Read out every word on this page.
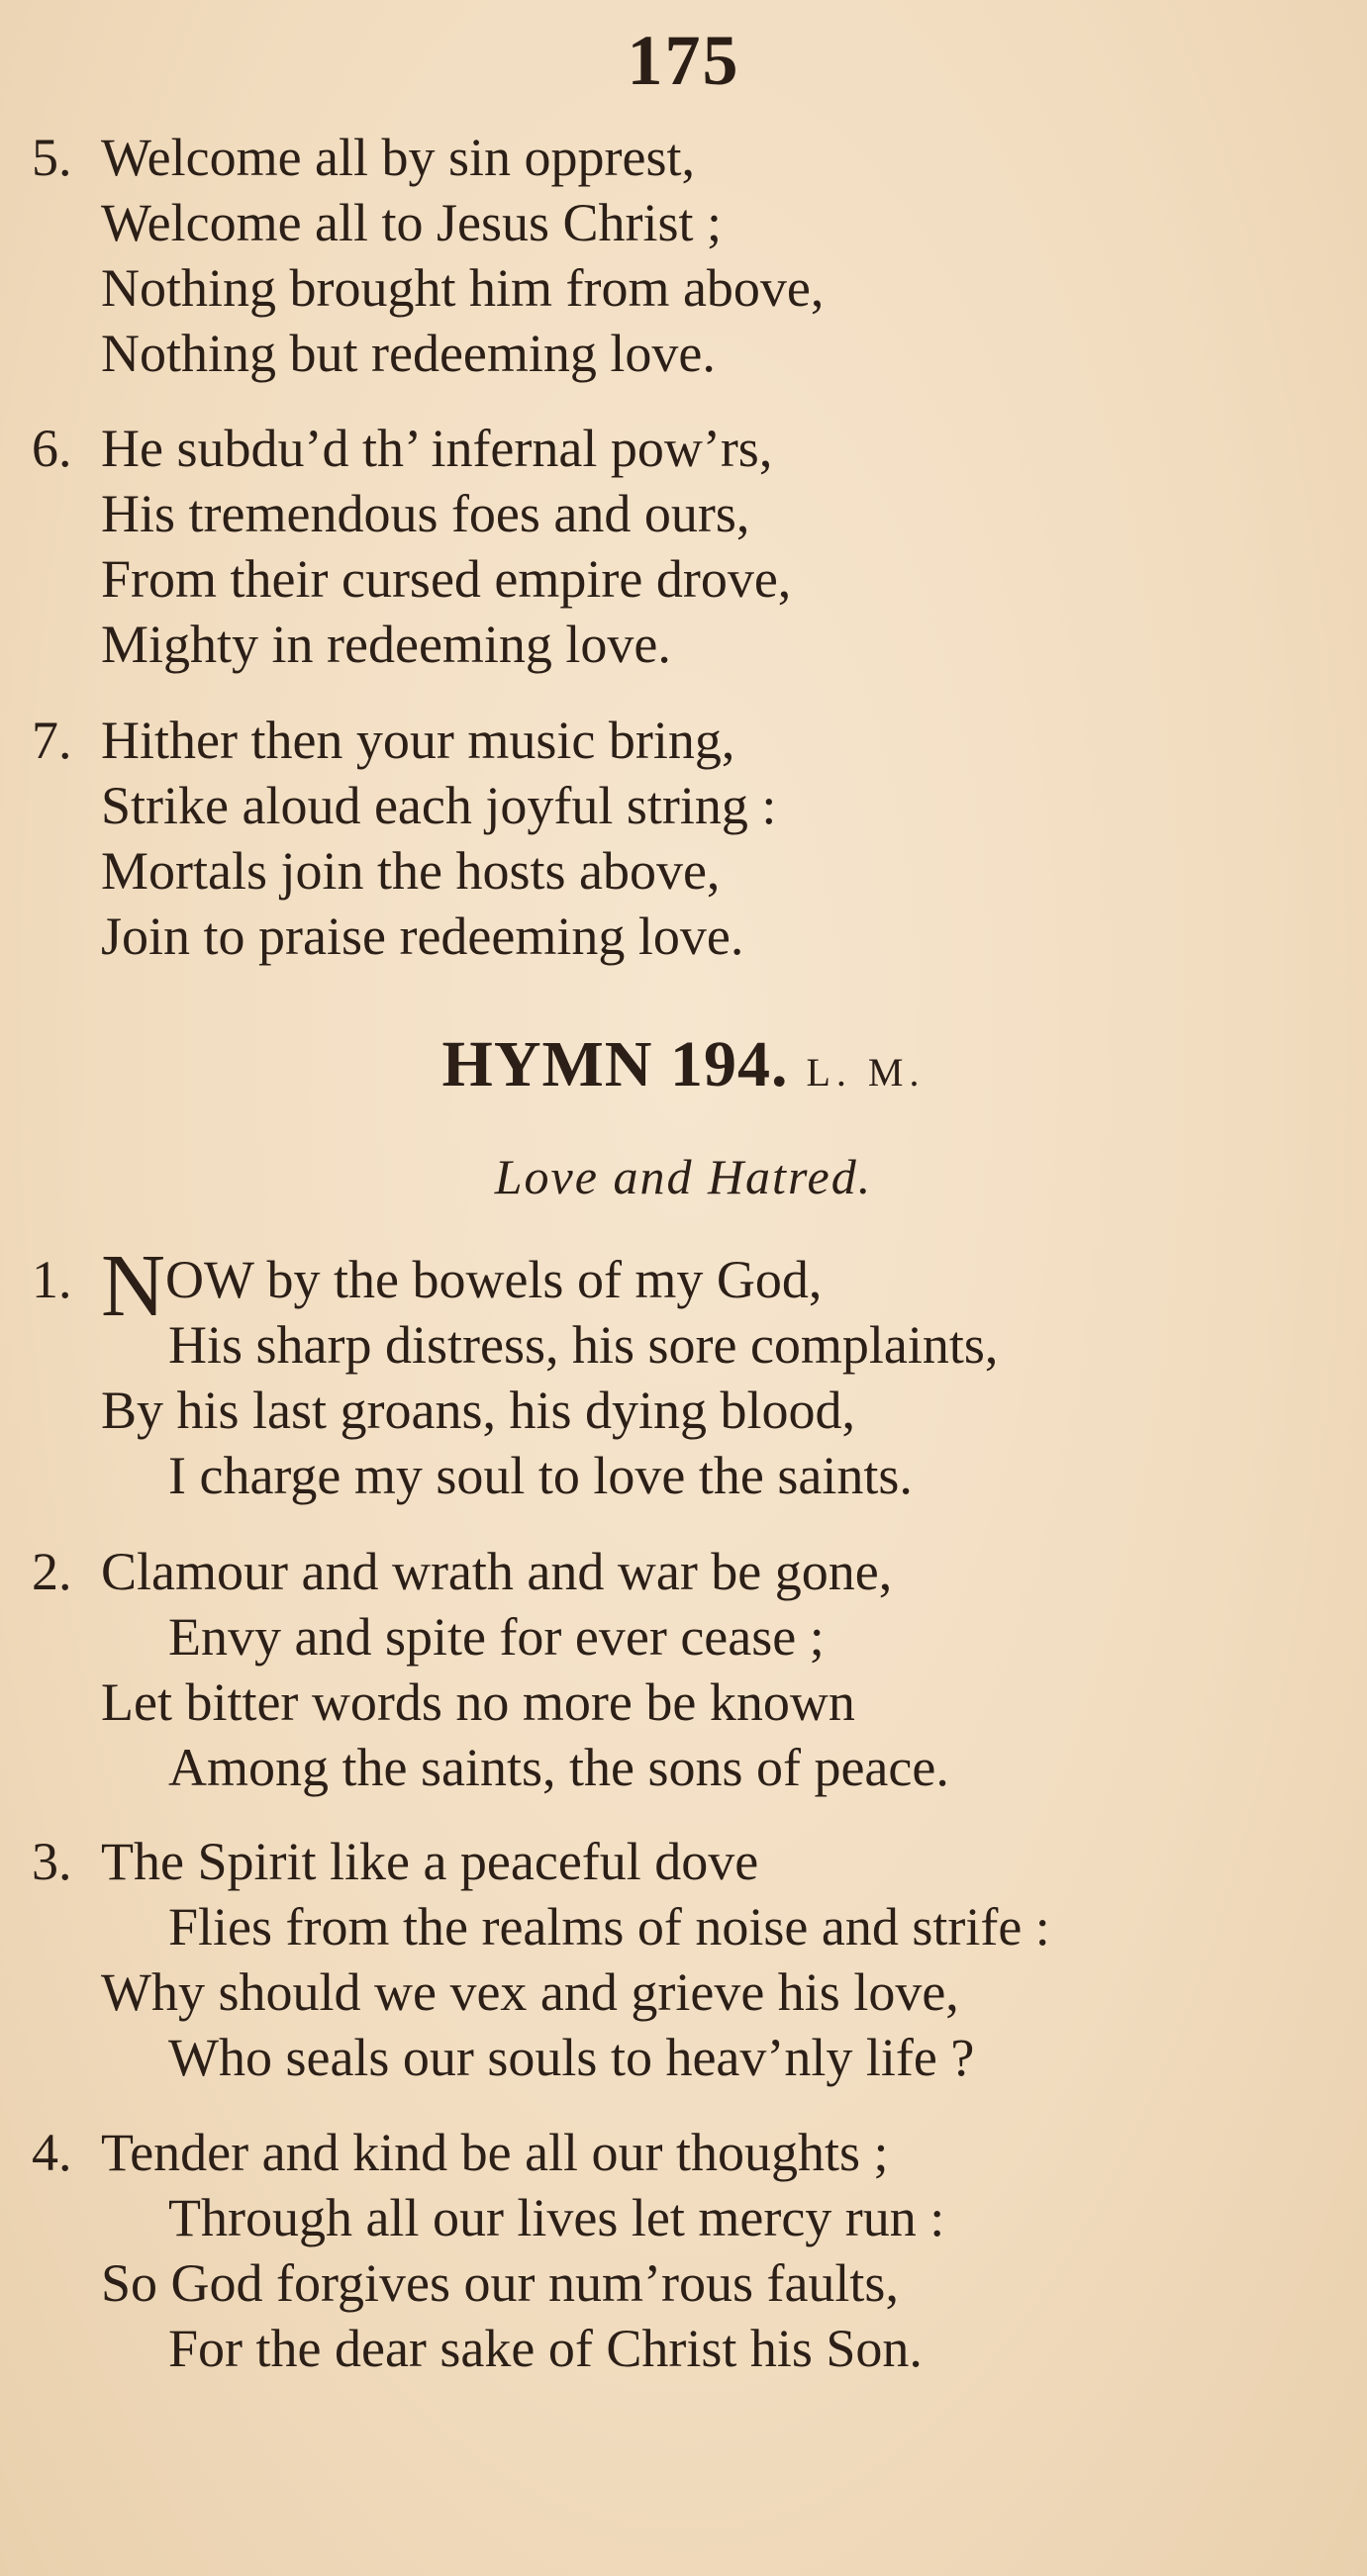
175
5. Welcome all by sin opprest,
Welcome all to Jesus Christ ;
Nothing brought him from above,
Nothing but redeeming love.
6. He subdu’d th’ infernal pow’rs,
His tremendous foes and ours,
From their cursed empire drove,
Mighty in redeeming love.
7. Hither then your music bring,
Strike aloud each joyful string :
Mortals join the hosts above,
Join to praise redeeming love.
HYMN 194. L. M.
Love and Hatred.
1. NOW by the bowels of my God,
His sharp distress, his sore complaints,
By his last groans, his dying blood,
I charge my soul to love the saints.
2. Clamour and wrath and war be gone,
Envy and spite for ever cease ;
Let bitter words no more be known
Among the saints, the sons of peace.
3. The Spirit like a peaceful dove
Flies from the realms of noise and strife :
Why should we vex and grieve his love,
Who seals our souls to heav’nly life ?
4. Tender and kind be all our thoughts ;
Through all our lives let mercy run :
So God forgives our num’rous faults,
For the dear sake of Christ his Son.
